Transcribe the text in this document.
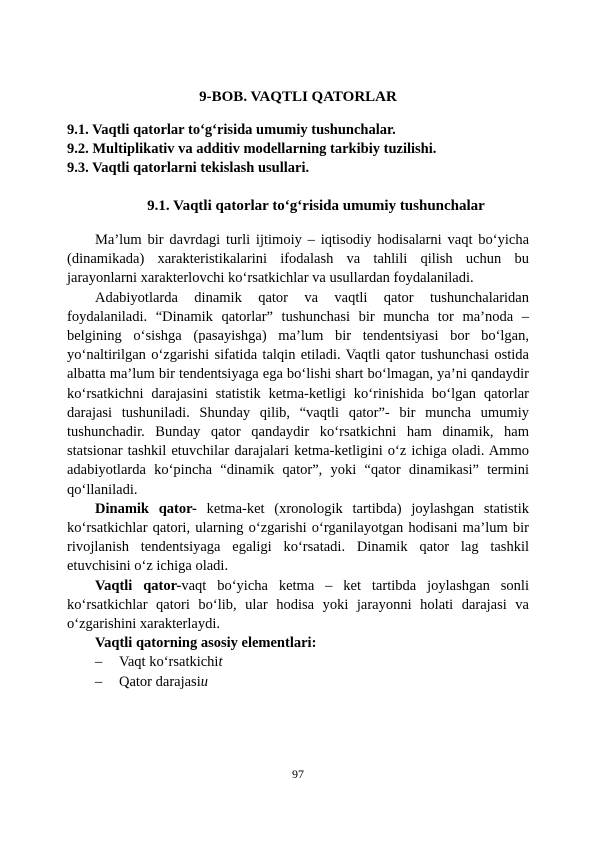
9-BOB. VAQTLI QATORLAR
9.1. Vaqtli qatorlar to‘g‘risida umumiy tushunchalar.
9.2. Multiplikativ va additiv modellarning tarkibiy tuzilishi.
9.3. Vaqtli qatorlarni tekislash usullari.
9.1. Vaqtli qatorlar to‘g‘risida umumiy tushunchalar

Ma’lum bir davrdagi turli ijtimoiy – iqtisodiy hodisalarni vaqt bo‘yicha (dinamikada) xarakteristikalarini ifodalash va tahlili qilish uchun bu jarayonlarni xarakterlovchi ko‘rsatkichlar va usullardan foydalaniladi.

Adabiyotlarda dinamik qator va vaqtli qator tushunchalaridan foydalaniladi. “Dinamik qatorlar” tushunchasi bir muncha tor ma’noda – belgining o‘sishga (pasayishga) ma’lum bir tendentsiyasi bor bo‘lgan, yo‘naltirilgan o‘zgarishi sifatida talqin etiladi. Vaqtli qator tushunchasi ostida albatta ma’lum bir tendentsiyaga ega bo‘lishi shart bo‘lmagan, ya’ni qandaydir ko‘rsatkichni darajasini statistik ketma-ketligi ko‘rinishida bo‘lgan qatorlar darajasi tushuniladi. Shunday qilib, “vaqtli qator”- bir muncha umumiy tushunchadir. Bunday qator qandaydir ko‘rsatkichni ham dinamik, ham statsionar tashkil etuvchilar darajalari ketma-ketligini o‘z ichiga oladi. Ammo adabiyotlarda ko‘pincha “dinamik qator”, yoki “qator dinamikasi” termini qo‘llaniladi.

Dinamik qator- ketma-ket (xronologik tartibda) joylashgan statistik ko‘rsatkichlar qatori, ularning o‘zgarishi o‘rganilayotgan hodisani ma’lum bir rivojlanish tendentsiyaga egaligi ko‘rsatadi. Dinamik qator lag tashkil etuvchisini o‘z ichiga oladi.

Vaqtli qator-vaqt bo‘yicha ketma – ket tartibda joylashgan sonli ko‘rsatkichlar qatori bo‘lib, ular hodisa yoki jarayonni holati darajasi va o‘zgarishini xarakterlaydi.

Vaqtli qatorning asosiy elementlari:

– Vaqt ko‘rsatkichit
– Qator darajasiu
97
